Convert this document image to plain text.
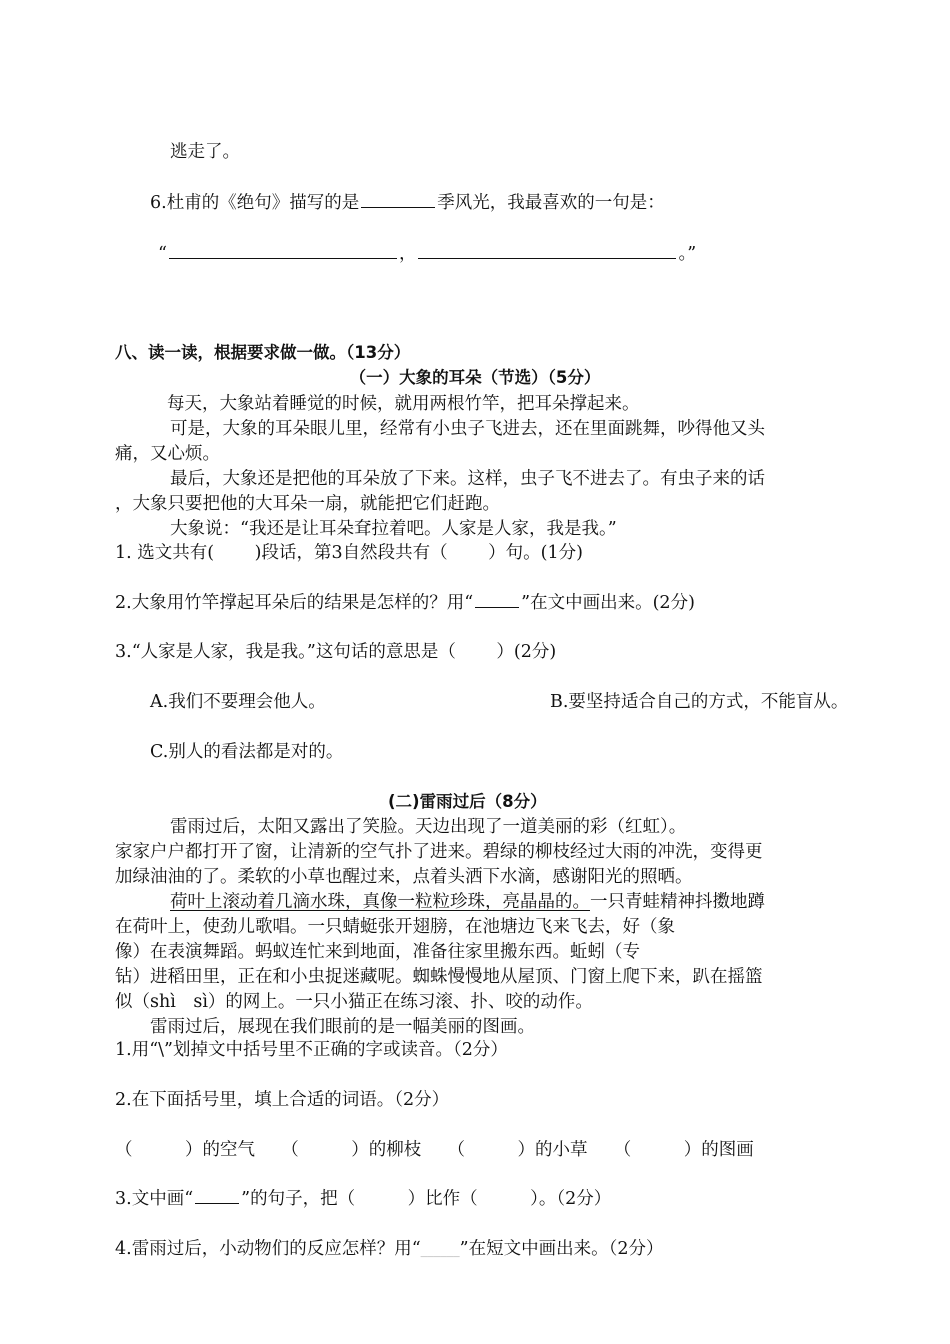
逃走了。
6.杜甫的《绝句》描写的是	季风光，我最喜欢的一句是：
“	，	。”
八、读一读，根据要求做一做。（13分）
（一）大象的耳朵（节选）（5分）
每天，大象站着睡觉的时候，就用两根竹竿，把耳朵撑起来。
可是，大象的耳朵眼儿里，经常有小虫子飞进去，还在里面跳舞，吵得他又头
痛，又心烦。
最后，大象还是把他的耳朵放了下来。这样，虫子飞不进去了。有虫子来的话
，大象只要把他的大耳朵一扇，就能把它们赶跑。
大象说：“我还是让耳朵耷拉着吧。人家是人家，我是我。”
1. 选文共有(　　 )段话，第3自然段共有（　　 ）句。(1分)
2.大象用竹竿撑起耳朵后的结果是怎样的？用“	”在文中画出来。(2分)
3.“人家是人家，我是我。”这句话的意思是（　　 ）(2分)
A.我们不要理会他人。	B.要坚持适合自己的方式，不能盲从。
C.别人的看法都是对的。
(二)雷雨过后（8分）
雷雨过后，太阳又露出了笑脸。天边出现了一道美丽的彩（红虹）。
家家户户都打开了窗，让清新的空气扑了进来。碧绿的柳枝经过大雨的冲洗，变得更
加绿油油的了。柔软的小草也醒过来，点着头洒下水滴，感谢阳光的照晒。
荷叶上滚动着几滴水珠，真像一粒粒珍珠，亮晶晶的。一只青蛙精神抖擞地蹲
在荷叶上，使劲儿歌唱。一只蜻蜓张开翅膀，在池塘边飞来飞去，好（象
像）在表演舞蹈。蚂蚁连忙来到地面，准备往家里搬东西。蚯蚓（专
钻）进稻田里，正在和小虫捉迷藏呢。蜘蛛慢慢地从屋顶、门窗上爬下来，趴在摇篮
似（shì　sì）的网上。一只小猫正在练习滚、扑、咬的动作。
雷雨过后，展现在我们眼前的是一幅美丽的图画。
1.用“\”划掉文中括号里不正确的字或读音。（2分）
2.在下面括号里，填上合适的词语。（2分）
（　　　）的空气　　（　　　）的柳枝　　（　　　）的小草　　（　　　）的图画
3.文中画“	”的句子，把（　　　）比作（　　　）。（2分）
4.雷雨过后，小动物们的反应怎样？用“______”在短文中画出来。（2分）
